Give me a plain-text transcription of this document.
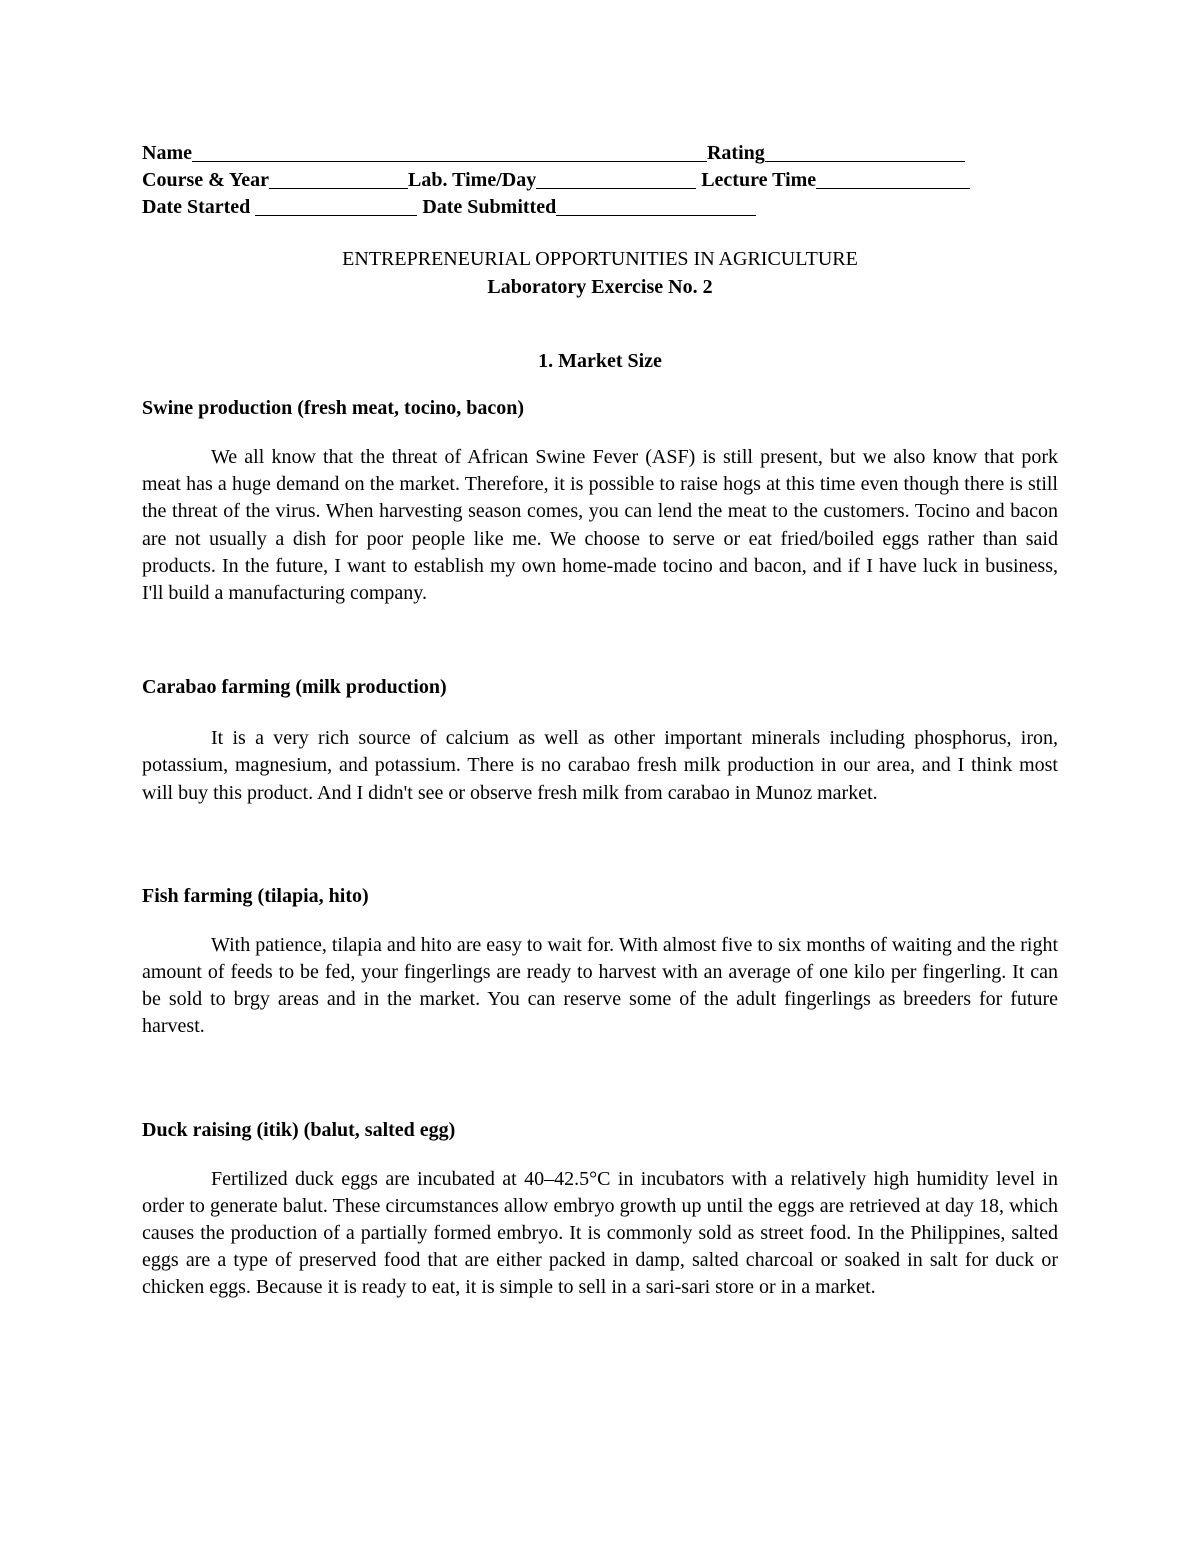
Name	Rating
Course & Year	Lab. Time/Day	Lecture Time
Date Started	Date Submitted
ENTREPRENEURIAL OPPORTUNITIES IN AGRICULTURE
Laboratory Exercise No. 2
1. Market Size
Swine production (fresh meat, tocino, bacon)
We all know that the threat of African Swine Fever (ASF) is still present, but we also know that pork meat has a huge demand on the market. Therefore, it is possible to raise hogs at this time even though there is still the threat of the virus. When harvesting season comes, you can lend the meat to the customers. Tocino and bacon are not usually a dish for poor people like me. We choose to serve or eat fried/boiled eggs rather than said products. In the future, I want to establish my own home-made tocino and bacon, and if I have luck in business, I'll build a manufacturing company.
Carabao farming (milk production)
It is a very rich source of calcium as well as other important minerals including phosphorus, iron, potassium, magnesium, and potassium. There is no carabao fresh milk production in our area, and I think most will buy this product. And I didn't see or observe fresh milk from carabao in Munoz market.
Fish farming (tilapia, hito)
With patience, tilapia and hito are easy to wait for. With almost five to six months of waiting and the right amount of feeds to be fed, your fingerlings are ready to harvest with an average of one kilo per fingerling. It can be sold to brgy areas and in the market. You can reserve some of the adult fingerlings as breeders for future harvest.
Duck raising (itik) (balut, salted egg)
Fertilized duck eggs are incubated at 40–42.5°C in incubators with a relatively high humidity level in order to generate balut. These circumstances allow embryo growth up until the eggs are retrieved at day 18, which causes the production of a partially formed embryo. It is commonly sold as street food. In the Philippines, salted eggs are a type of preserved food that are either packed in damp, salted charcoal or soaked in salt for duck or chicken eggs. Because it is ready to eat, it is simple to sell in a sari-sari store or in a market.
